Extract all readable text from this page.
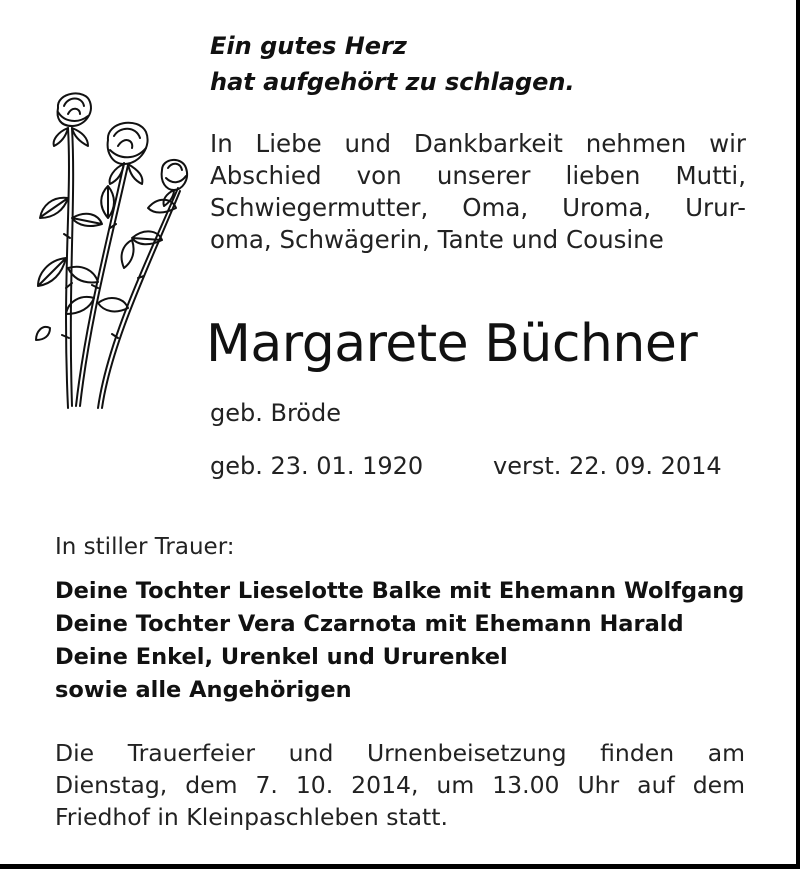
Ein gutes Herz
hat aufgehört zu schlagen.
In Liebe und Dankbarkeit nehmen wir
Abschied von unserer lieben Mutti,
Schwiegermutter, Oma, Uroma, Urur-
oma, Schwägerin, Tante und Cousine
Margarete Büchner
geb. Bröde
geb. 23. 01. 1920	verst. 22. 09. 2014
In stiller Trauer:
Deine Tochter Lieselotte Balke mit Ehemann Wolfgang
Deine Tochter Vera Czarnota mit Ehemann Harald
Deine Enkel, Urenkel und Ururenkel
sowie alle Angehörigen
Die Trauerfeier und Urnenbeisetzung finden am
Dienstag, dem 7. 10. 2014, um 13.00 Uhr auf dem
Friedhof in Kleinpaschleben statt.
